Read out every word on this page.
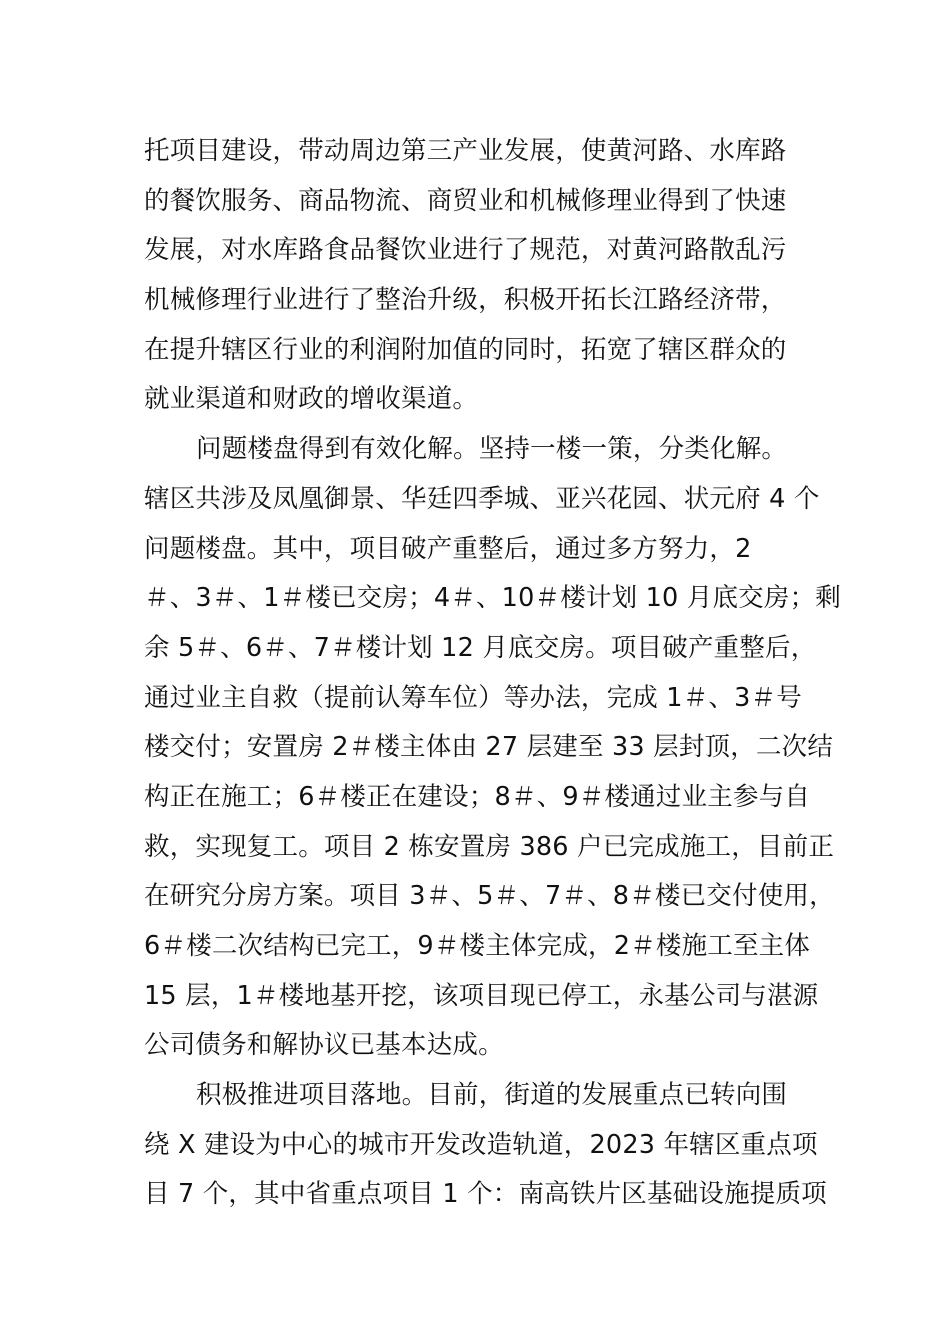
托项目建设，带动周边第三产业发展，使黄河路、水库路
的餐饮服务、商品物流、商贸业和机械修理业得到了快速
发展，对水库路食品餐饮业进行了规范，对黄河路散乱污
机械修理行业进行了整治升级，积极开拓长江路经济带，
在提升辖区行业的利润附加值的同时，拓宽了辖区群众的
就业渠道和财政的增收渠道。
问题楼盘得到有效化解。坚持一楼一策，分类化解。
辖区共涉及凤凰御景、华廷四季城、亚兴花园、状元府 4 个
问题楼盘。其中，项目破产重整后，通过多方努力，2
＃、3＃、1＃楼已交房；4＃、10＃楼计划 10 月底交房；剩
余 5＃、6＃、7＃楼计划 12 月底交房。项目破产重整后，
通过业主自救（提前认筹车位）等办法，完成 1＃、3＃号
楼交付；安置房 2＃楼主体由 27 层建至 33 层封顶，二次结
构正在施工；6＃楼正在建设；8＃、9＃楼通过业主参与自
救，实现复工。项目 2 栋安置房 386 户已完成施工，目前正
在研究分房方案。项目 3＃、5＃、7＃、8＃楼已交付使用，
6＃楼二次结构已完工，9＃楼主体完成，2＃楼施工至主体
15 层，1＃楼地基开挖，该项目现已停工，永基公司与湛源
公司债务和解协议已基本达成。
积极推进项目落地。目前，街道的发展重点已转向围
绕 X 建设为中心的城市开发改造轨道，2023 年辖区重点项
目 7 个，其中省重点项目 1 个：南高铁片区基础设施提质项
